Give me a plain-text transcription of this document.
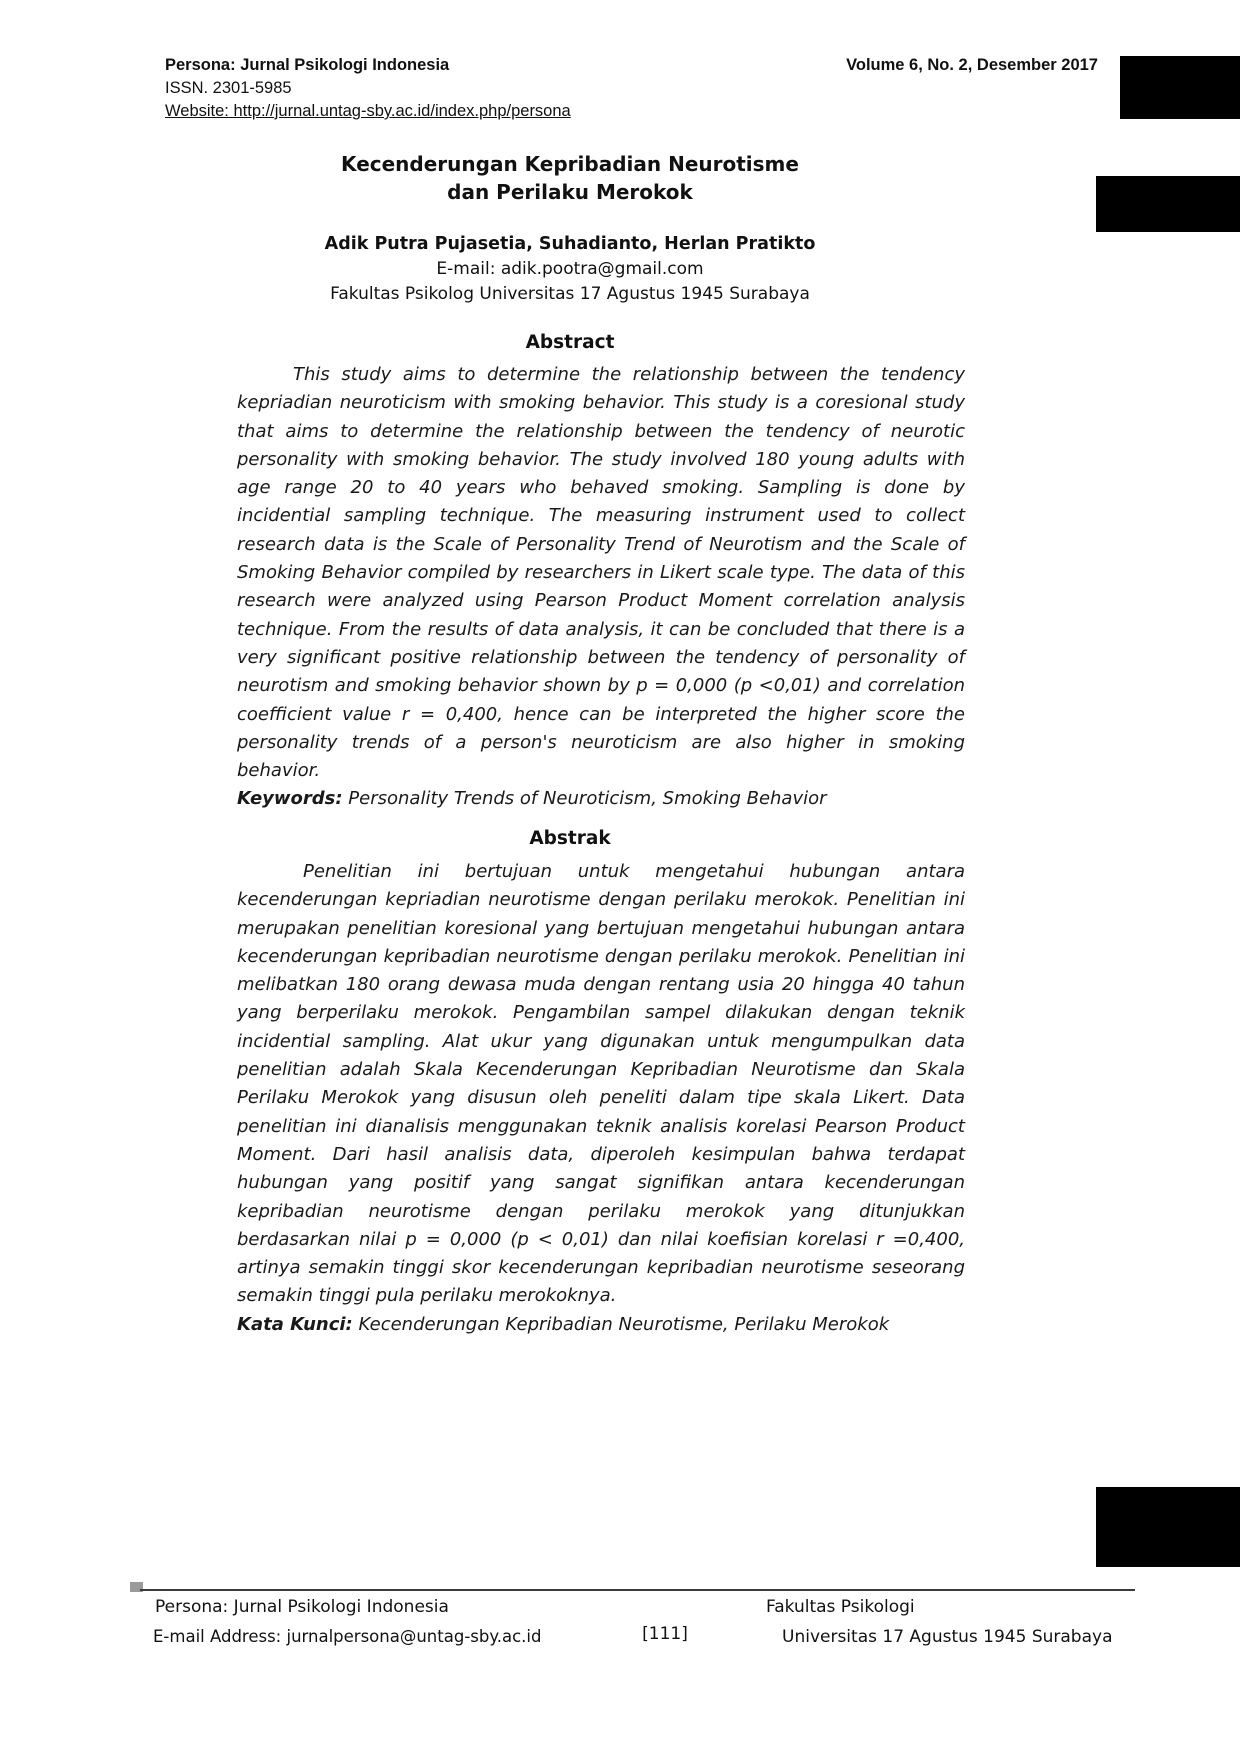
Persona: Jurnal Psikologi Indonesia
ISSN. 2301-5985
Website: http://jurnal.untag-sby.ac.id/index.php/persona
Volume 6, No. 2, Desember 2017
Kecenderungan Kepribadian Neurotisme
dan Perilaku Merokok
Adik Putra Pujasetia, Suhadianto, Herlan Pratikto
E-mail: adik.pootra@gmail.com
Fakultas Psikolog Universitas 17 Agustus 1945 Surabaya
Abstract

This study aims to determine the relationship between the tendency kepriadian neuroticism with smoking behavior. This study is a coresional study that aims to determine the relationship between the tendency of neurotic personality with smoking behavior. The study involved 180 young adults with age range 20 to 40 years who behaved smoking. Sampling is done by incidential sampling technique. The measuring instrument used to collect research data is the Scale of Personality Trend of Neurotism and the Scale of Smoking Behavior compiled by researchers in Likert scale type. The data of this research were analyzed using Pearson Product Moment correlation analysis technique. From the results of data analysis, it can be concluded that there is a very significant positive relationship between the tendency of personality of neurotism and smoking behavior shown by p = 0,000 (p <0,01) and correlation coefficient value r = 0,400, hence can be interpreted the higher score the personality trends of a person's neuroticism are also higher in smoking behavior.

Keywords: Personality Trends of Neuroticism, Smoking Behavior

Abstrak

Penelitian ini bertujuan untuk mengetahui hubungan antara kecenderungan kepriadian neurotisme dengan perilaku merokok. Penelitian ini merupakan penelitian koresional yang bertujuan mengetahui hubungan antara kecenderungan kepribadian neurotisme dengan perilaku merokok. Penelitian ini melibatkan 180 orang dewasa muda dengan rentang usia 20 hingga 40 tahun yang berperilaku merokok. Pengambilan sampel dilakukan dengan teknik incidential sampling. Alat ukur yang digunakan untuk mengumpulkan data penelitian adalah Skala Kecenderungan Kepribadian Neurotisme dan Skala Perilaku Merokok yang disusun oleh peneliti dalam tipe skala Likert. Data penelitian ini dianalisis menggunakan teknik analisis korelasi Pearson Product Moment. Dari hasil analisis data, diperoleh kesimpulan bahwa terdapat hubungan yang positif yang sangat signifikan antara kecenderungan kepribadian neurotisme dengan perilaku merokok yang ditunjukkan berdasarkan nilai p = 0,000 (p < 0,01) dan nilai koefisian korelasi r =0,400, artinya semakin tinggi skor kecenderungan kepribadian neurotisme seseorang semakin tinggi pula perilaku merokoknya.

Kata Kunci: Kecenderungan Kepribadian Neurotisme, Perilaku Merokok

Persona: Jurnal Psikologi Indonesia
E-mail Address: jurnalpersona@untag-sby.ac.id	[111]
Fakultas Psikologi
Universitas 17 Agustus 1945 Surabaya
